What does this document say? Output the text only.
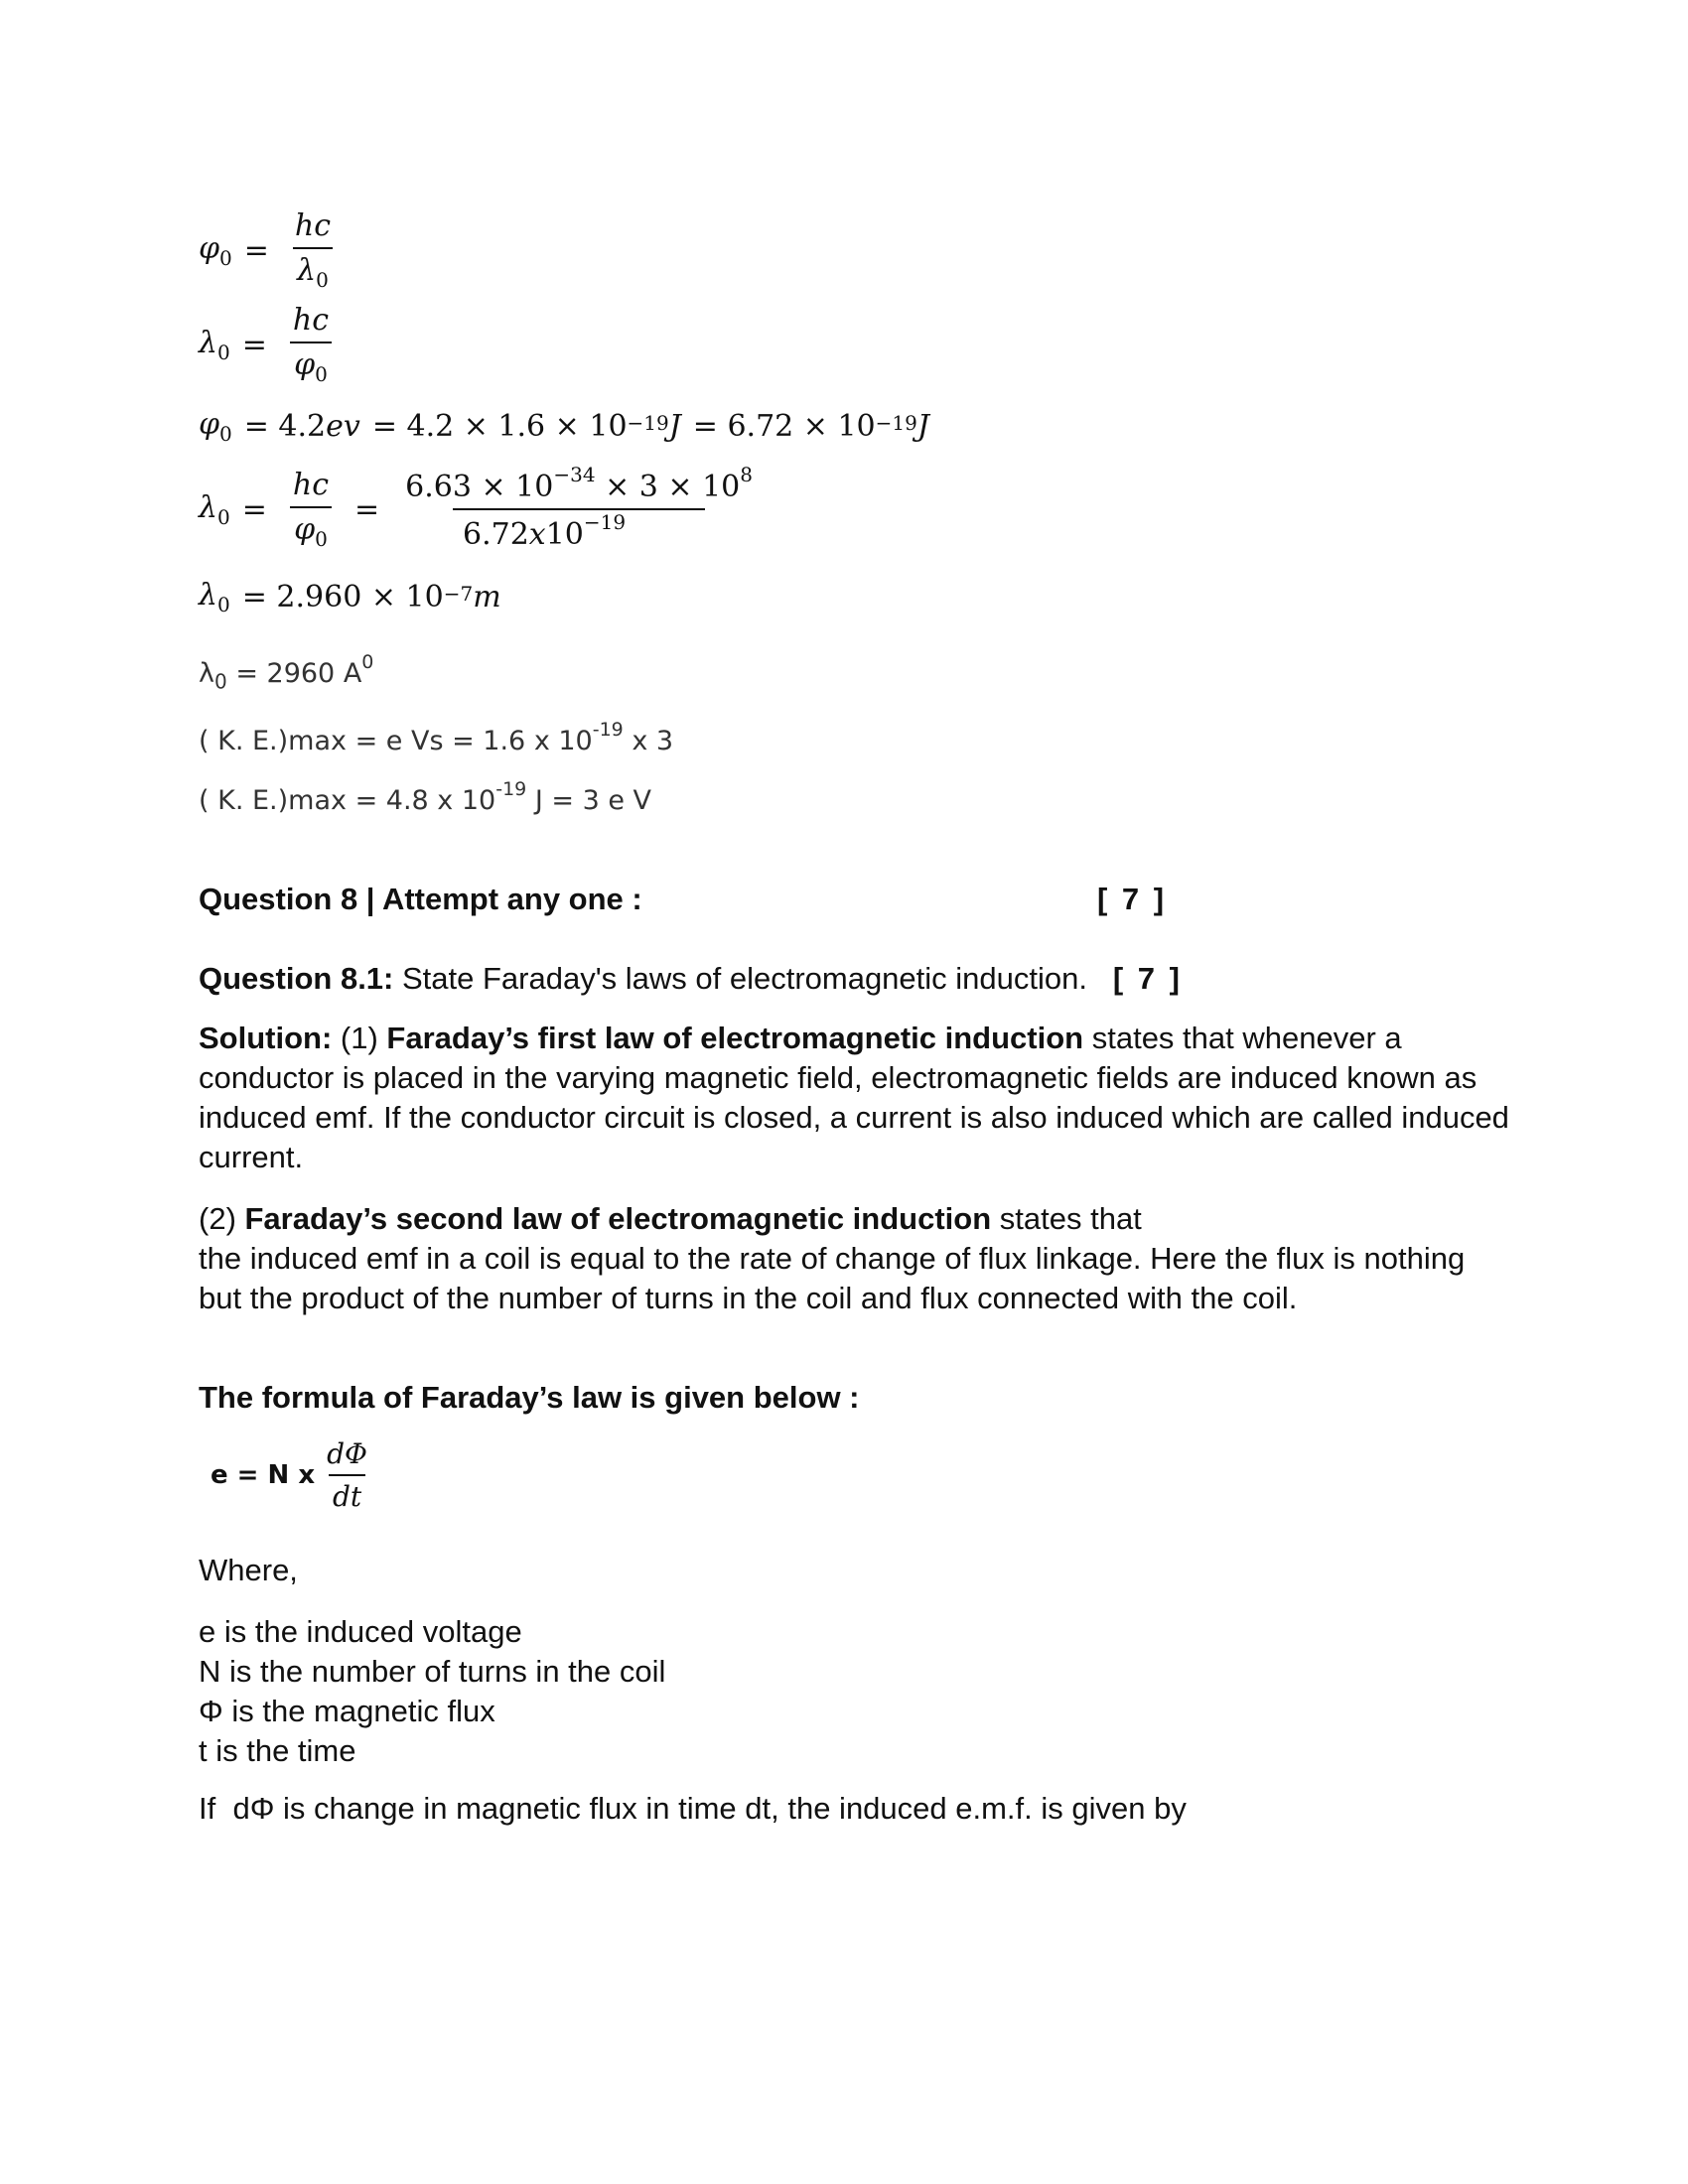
$\varphi_0 = \frac{hc}{\lambda_0}$
$\lambda_0 = \frac{hc}{\varphi_0}$
$\varphi_0 = 4.2$ ev = $4.2 \times 1.6 \times 10^{-19}$ $J = 6.72 \times 10^{-19}$ J
$\lambda_0 = \frac{hc}{\varphi_0} = \frac{6.63 \times 10^{-34} \times 3 \times 10^8}{6.72x10^{-19}}$
$\lambda_0 = 2.960 \times 10^{-7}$ m
$\lambda_0 = 2960$ $A^0$
( K. E.)max = e Vs = 1.6 x $10^{-19}$ x 3
( K. E.)max = 4.8 x $10^{-19}$ J = 3 e V
Question 8 | Attempt any one :	[ 7 ]
Question 8.1: State Faraday's laws of electromagnetic induction. [ 7 ]
Solution: (1) Faraday’s first law of electromagnetic induction states that whenever a conductor is placed in the varying magnetic field, electromagnetic fields are induced known as induced emf. If the conductor circuit is closed, a current is also induced which are called induced current.
(2) Faraday’s second law of electromagnetic induction states that
the induced emf in a coil is equal to the rate of change of flux linkage. Here the flux is nothing but the product of the number of turns in the coil and flux connected with the coil.
The formula of Faraday’s law is given below :
e = N x $\frac{d\Phi}{dt}$
Where,
e is the induced voltage
N is the number of turns in the coil
Φ is the magnetic flux
t is the time
If  dΦ is change in magnetic flux in time dt, the induced e.m.f. is given by
